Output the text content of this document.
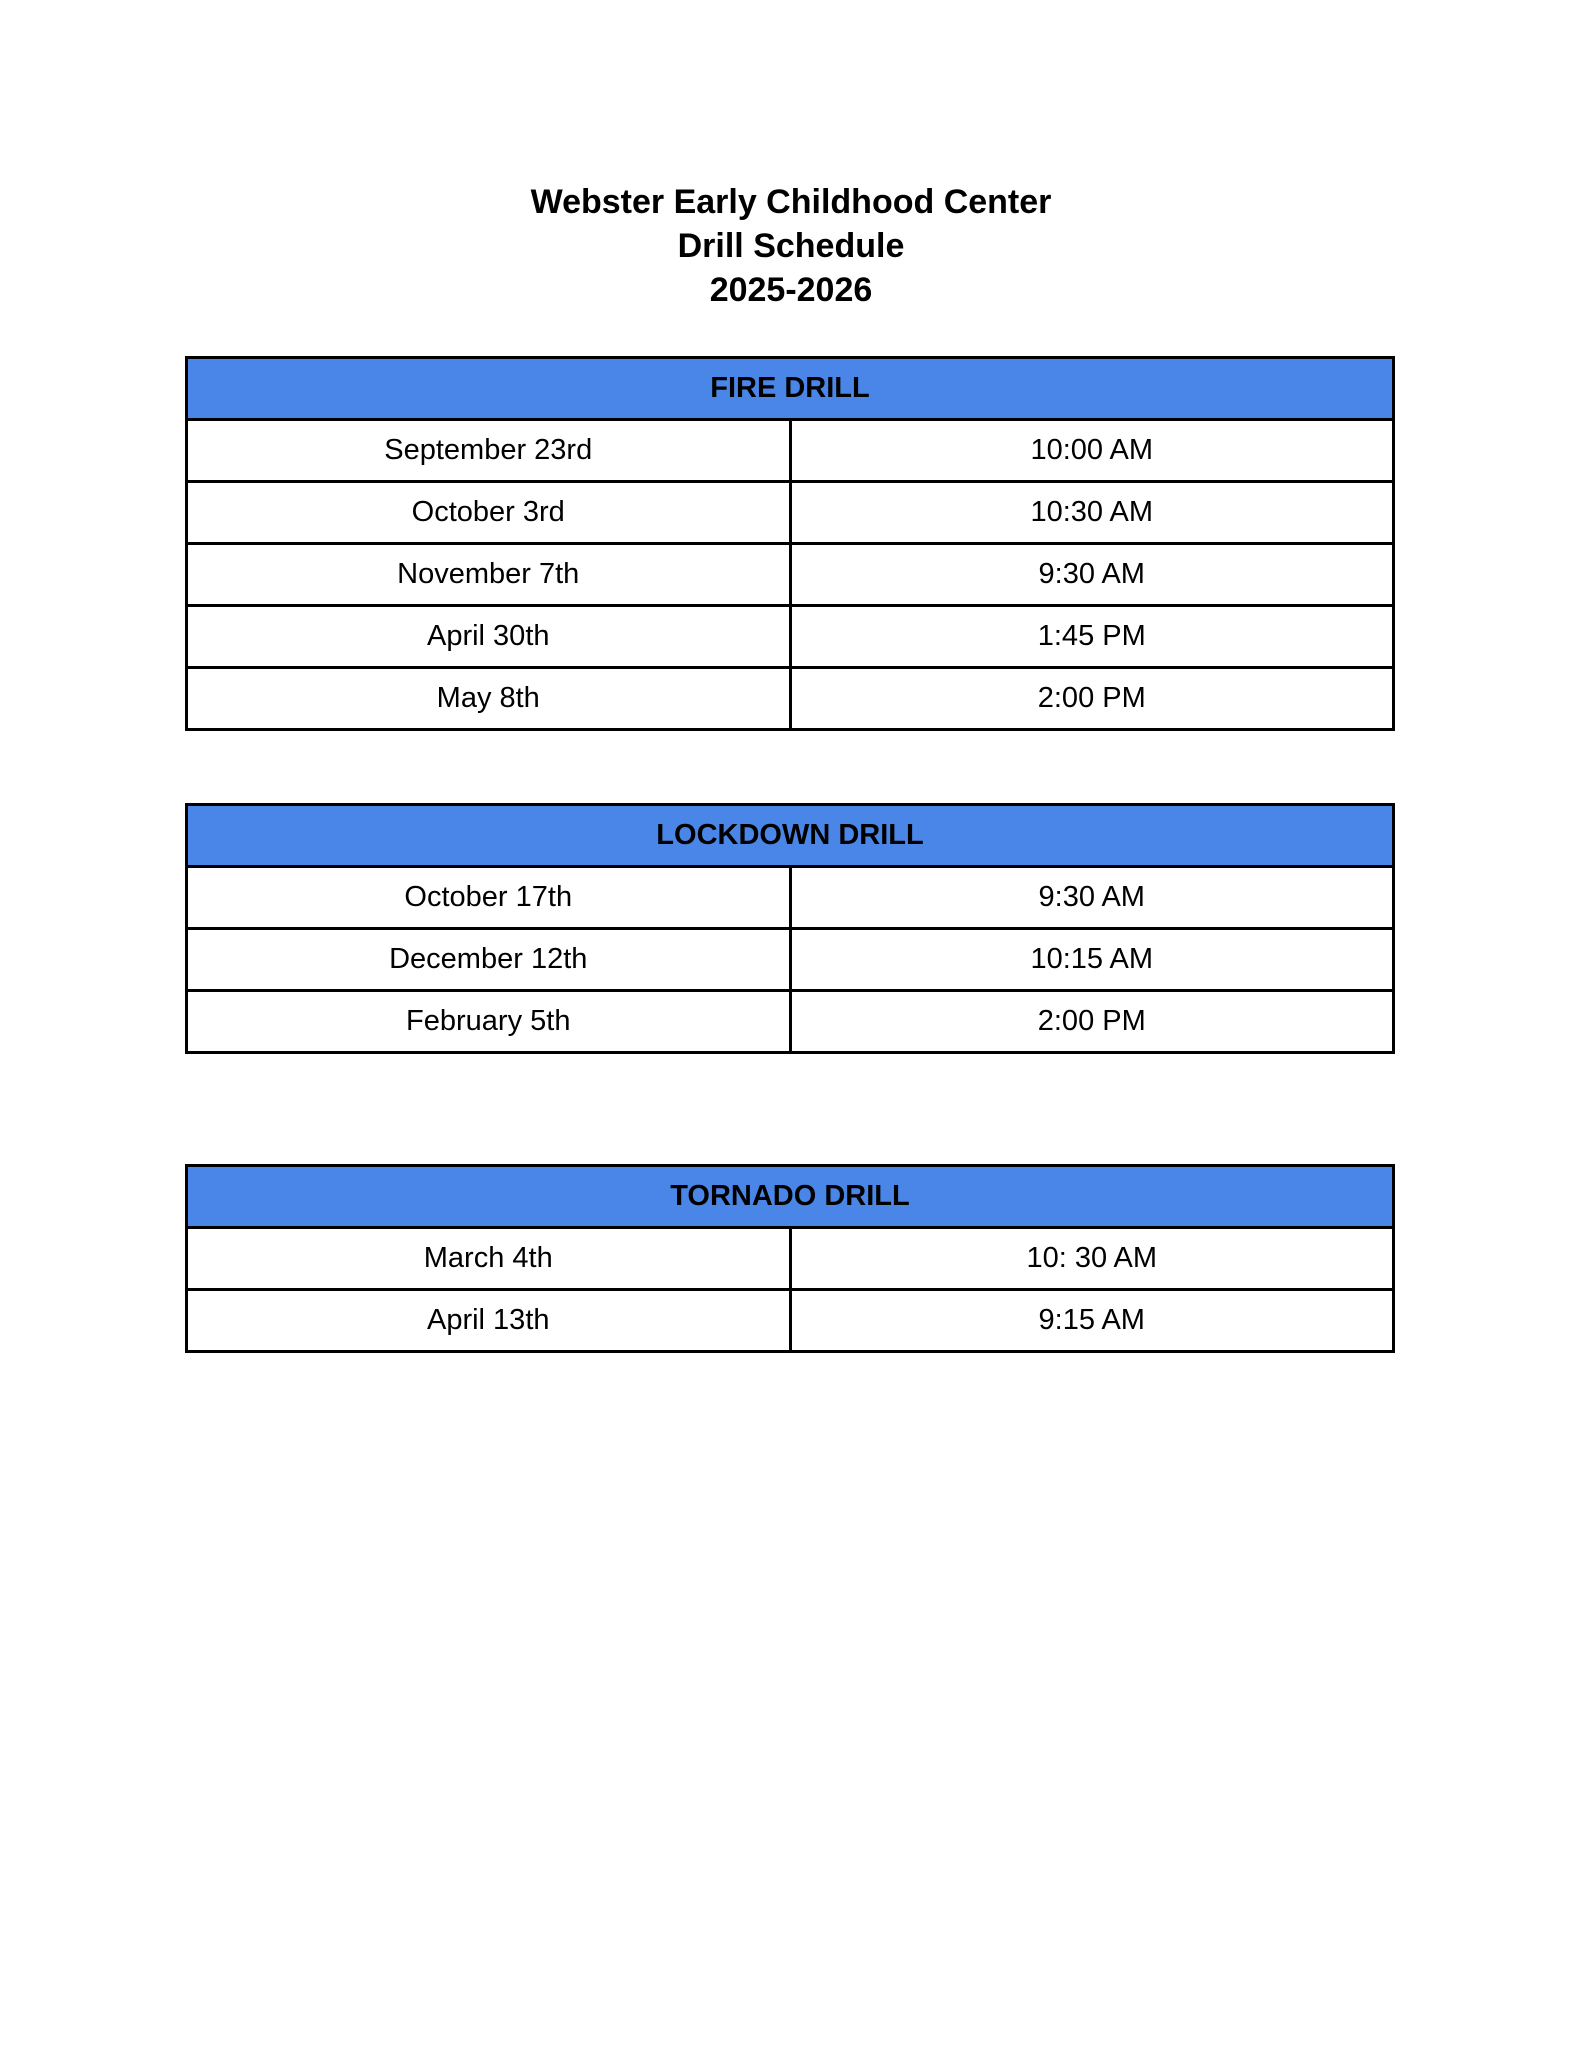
Webster Early Childhood Center
Drill Schedule
2025-2026
FIRE DRILL	
September 23rd	10:00 AM
October 3rd	10:30 AM
November 7th	9:30 AM
April 30th	1:45 PM
May 8th	2:00 PM
LOCKDOWN DRILL	
October 17th	9:30 AM
December 12th	10:15 AM
February 5th	2:00 PM
TORNADO DRILL	
March 4th	10: 30 AM
April 13th	9:15 AM
